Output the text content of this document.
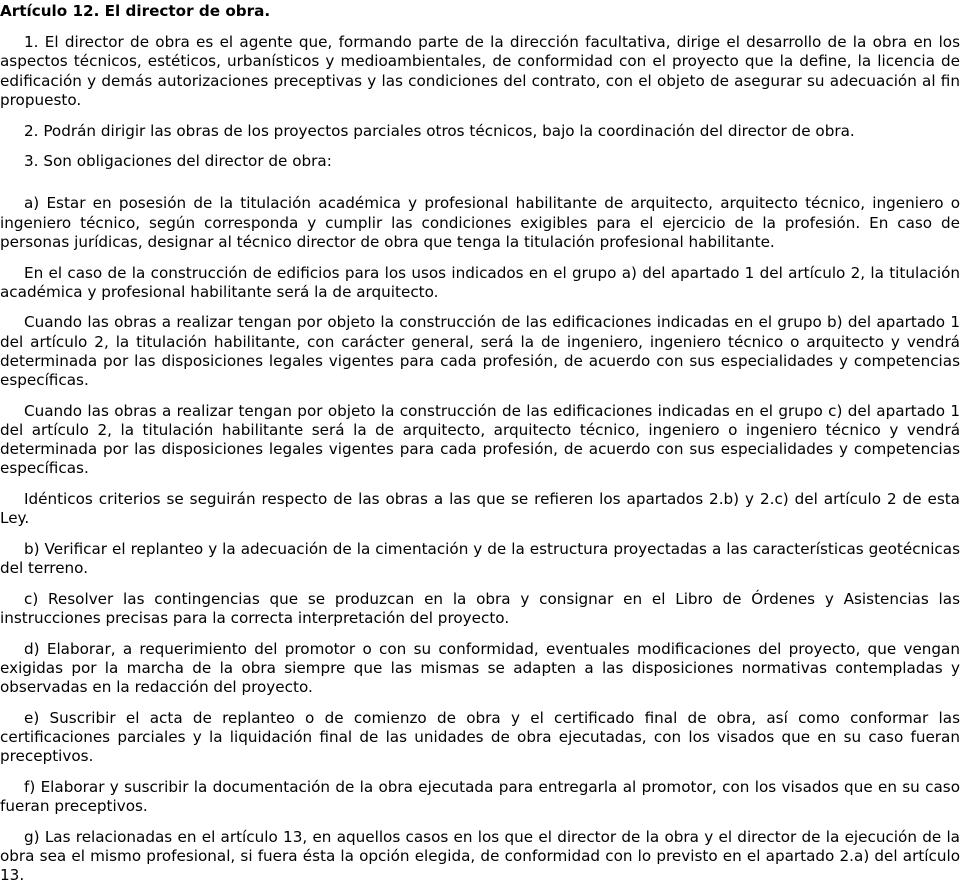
Artículo 12. El director de obra.

1. El director de obra es el agente que, formando parte de la dirección facultativa, dirige el desarrollo de la obra en los aspectos técnicos, estéticos, urbanísticos y medioambientales, de conformidad con el proyecto que la define, la licencia de edificación y demás autorizaciones preceptivas y las condiciones del contrato, con el objeto de asegurar su adecuación al fin propuesto.

2. Podrán dirigir las obras de los proyectos parciales otros técnicos, bajo la coordinación del director de obra.

3. Son obligaciones del director de obra:

a) Estar en posesión de la titulación académica y profesional habilitante de arquitecto, arquitecto técnico, ingeniero o ingeniero técnico, según corresponda y cumplir las condiciones exigibles para el ejercicio de la profesión. En caso de personas jurídicas, designar al técnico director de obra que tenga la titulación profesional habilitante.

En el caso de la construcción de edificios para los usos indicados en el grupo a) del apartado 1 del artículo 2, la titulación académica y profesional habilitante será la de arquitecto.

Cuando las obras a realizar tengan por objeto la construcción de las edificaciones indicadas en el grupo b) del apartado 1 del artículo 2, la titulación habilitante, con carácter general, será la de ingeniero, ingeniero técnico o arquitecto y vendrá determinada por las disposiciones legales vigentes para cada profesión, de acuerdo con sus especialidades y competencias específicas.

Cuando las obras a realizar tengan por objeto la construcción de las edificaciones indicadas en el grupo c) del apartado 1 del artículo 2, la titulación habilitante será la de arquitecto, arquitecto técnico, ingeniero o ingeniero técnico y vendrá determinada por las disposiciones legales vigentes para cada profesión, de acuerdo con sus especialidades y competencias específicas.

Idénticos criterios se seguirán respecto de las obras a las que se refieren los apartados 2.b) y 2.c) del artículo 2 de esta Ley.

b) Verificar el replanteo y la adecuación de la cimentación y de la estructura proyectadas a las características geotécnicas del terreno.

c) Resolver las contingencias que se produzcan en la obra y consignar en el Libro de Órdenes y Asistencias las instrucciones precisas para la correcta interpretación del proyecto.

d) Elaborar, a requerimiento del promotor o con su conformidad, eventuales modificaciones del proyecto, que vengan exigidas por la marcha de la obra siempre que las mismas se adapten a las disposiciones normativas contempladas y observadas en la redacción del proyecto.

e) Suscribir el acta de replanteo o de comienzo de obra y el certificado final de obra, así como conformar las certificaciones parciales y la liquidación final de las unidades de obra ejecutadas, con los visados que en su caso fueran preceptivos.

f) Elaborar y suscribir la documentación de la obra ejecutada para entregarla al promotor, con los visados que en su caso fueran preceptivos.

g) Las relacionadas en el artículo 13, en aquellos casos en los que el director de la obra y el director de la ejecución de la obra sea el mismo profesional, si fuera ésta la opción elegida, de conformidad con lo previsto en el apartado 2.a) del artículo 13.
